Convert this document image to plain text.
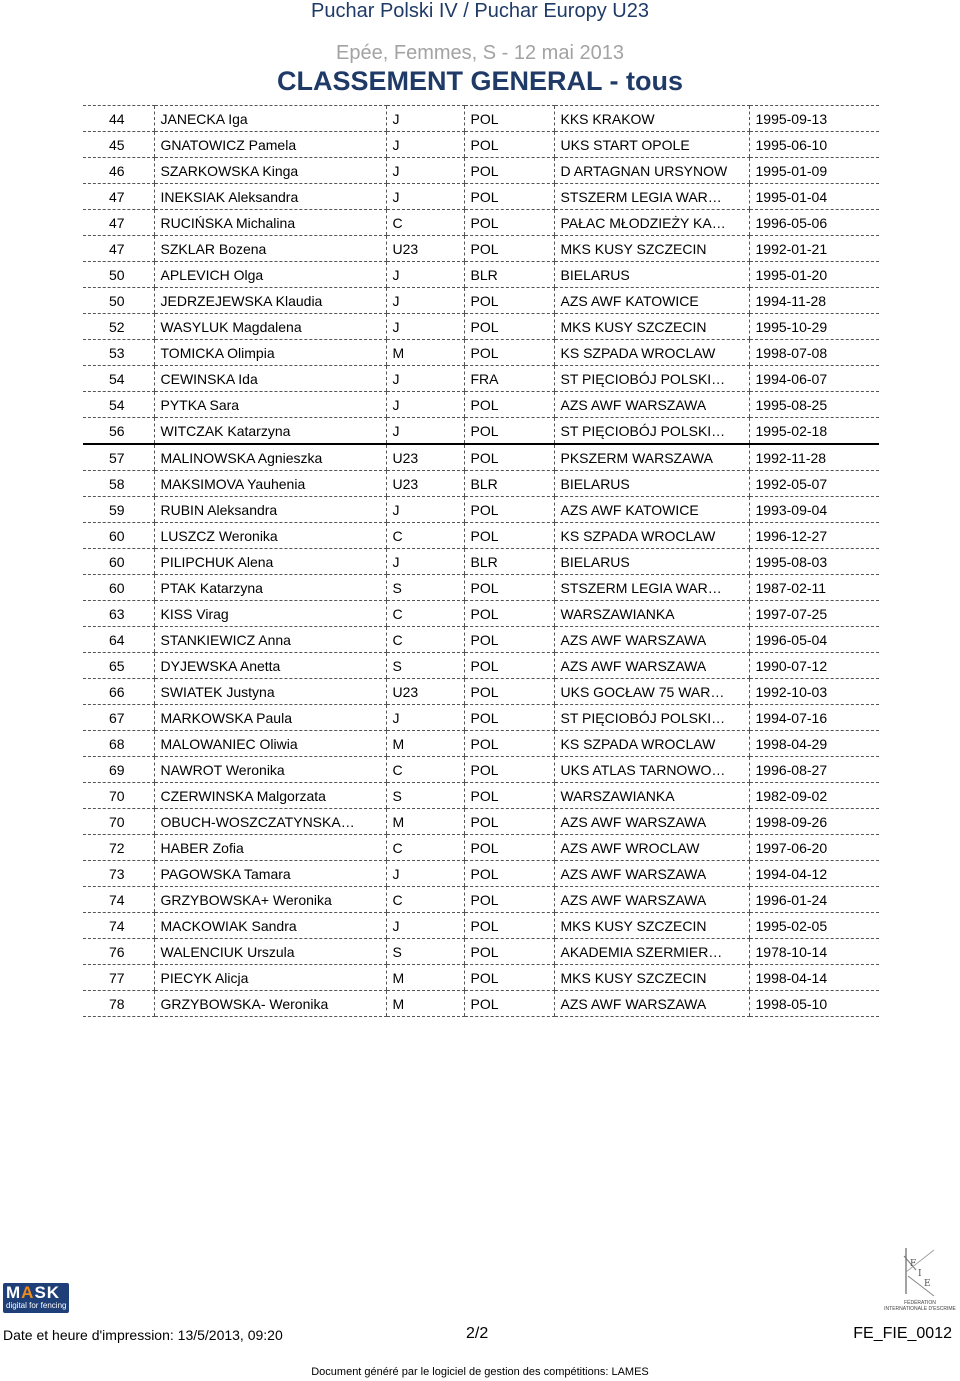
Puchar Polski IV / Puchar Europy U23
Epée, Femmes, S - 12 mai 2013
CLASSEMENT GENERAL - tous
44	JANECKA Iga	J	POL	KKS KRAKOW	1995-09-13
45	GNATOWICZ Pamela	J	POL	UKS START OPOLE	1995-06-10
46	SZARKOWSKA Kinga	J	POL	D ARTAGNAN URSYNOW	1995-01-09
47	INEKSIAK Aleksandra	J	POL	STSZERM LEGIA WAR…	1995-01-04
47	RUCIŃSKA Michalina	C	POL	PAŁAC MŁODZIEŻY KA…	1996-05-06
47	SZKLAR Bozena	U23	POL	MKS KUSY SZCZECIN	1992-01-21
50	APLEVICH Olga	J	BLR	BIELARUS	1995-01-20
50	JEDRZEJEWSKA Klaudia	J	POL	AZS AWF KATOWICE	1994-11-28
52	WASYLUK Magdalena	J	POL	MKS KUSY SZCZECIN	1995-10-29
53	TOMICKA Olimpia	M	POL	KS SZPADA WROCLAW	1998-07-08
54	CEWINSKA Ida	J	FRA	ST PIĘCIOBÓJ POLSKI…	1994-06-07
54	PYTKA Sara	J	POL	AZS AWF WARSZAWA	1995-08-25
56	WITCZAK Katarzyna	J	POL	ST PIĘCIOBÓJ POLSKI…	1995-02-18
57	MALINOWSKA Agnieszka	U23	POL	PKSZERM WARSZAWA	1992-11-28
58	MAKSIMOVA Yauhenia	U23	BLR	BIELARUS	1992-05-07
59	RUBIN Aleksandra	J	POL	AZS AWF KATOWICE	1993-09-04
60	LUSZCZ Weronika	C	POL	KS SZPADA WROCLAW	1996-12-27
60	PILIPCHUK Alena	J	BLR	BIELARUS	1995-08-03
60	PTAK Katarzyna	S	POL	STSZERM LEGIA WAR…	1987-02-11
63	KISS Virag	C	POL	WARSZAWIANKA	1997-07-25
64	STANKIEWICZ Anna	C	POL	AZS AWF WARSZAWA	1996-05-04
65	DYJEWSKA Anetta	S	POL	AZS AWF WARSZAWA	1990-07-12
66	SWIATEK Justyna	U23	POL	UKS GOCŁAW 75 WAR…	1992-10-03
67	MARKOWSKA Paula	J	POL	ST PIĘCIOBÓJ POLSKI…	1994-07-16
68	MALOWANIEC Oliwia	M	POL	KS SZPADA WROCLAW	1998-04-29
69	NAWROT Weronika	C	POL	UKS ATLAS TARNOWO…	1996-08-27
70	CZERWINSKA Malgorzata	S	POL	WARSZAWIANKA	1982-09-02
70	OBUCH-WOSZCZATYNSKA…	M	POL	AZS AWF WARSZAWA	1998-09-26
72	HABER Zofia	C	POL	AZS AWF WROCLAW	1997-06-20
73	PAGOWSKA Tamara	J	POL	AZS AWF WARSZAWA	1994-04-12
74	GRZYBOWSKA+ Weronika	C	POL	AZS AWF WARSZAWA	1996-01-24
74	MACKOWIAK Sandra	J	POL	MKS KUSY SZCZECIN	1995-02-05
76	WALENCIUK Urszula	S	POL	AKADEMIA SZERMIER…	1978-10-14
77	PIECYK Alicja	M	POL	MKS KUSY SZCZECIN	1998-04-14
78	GRZYBOWSKA- Weronika	M	POL	AZS AWF WARSZAWA	1998-05-10
MASK
digital for fencing
F
I
E
FÉDÉRATION INTERNATIONALE D'ESCRIME
Date et heure d'impression: 13/5/2013, 09:20	2/2	FE_FIE_0012
Document généré par le logiciel de gestion des compétitions: LAMES
